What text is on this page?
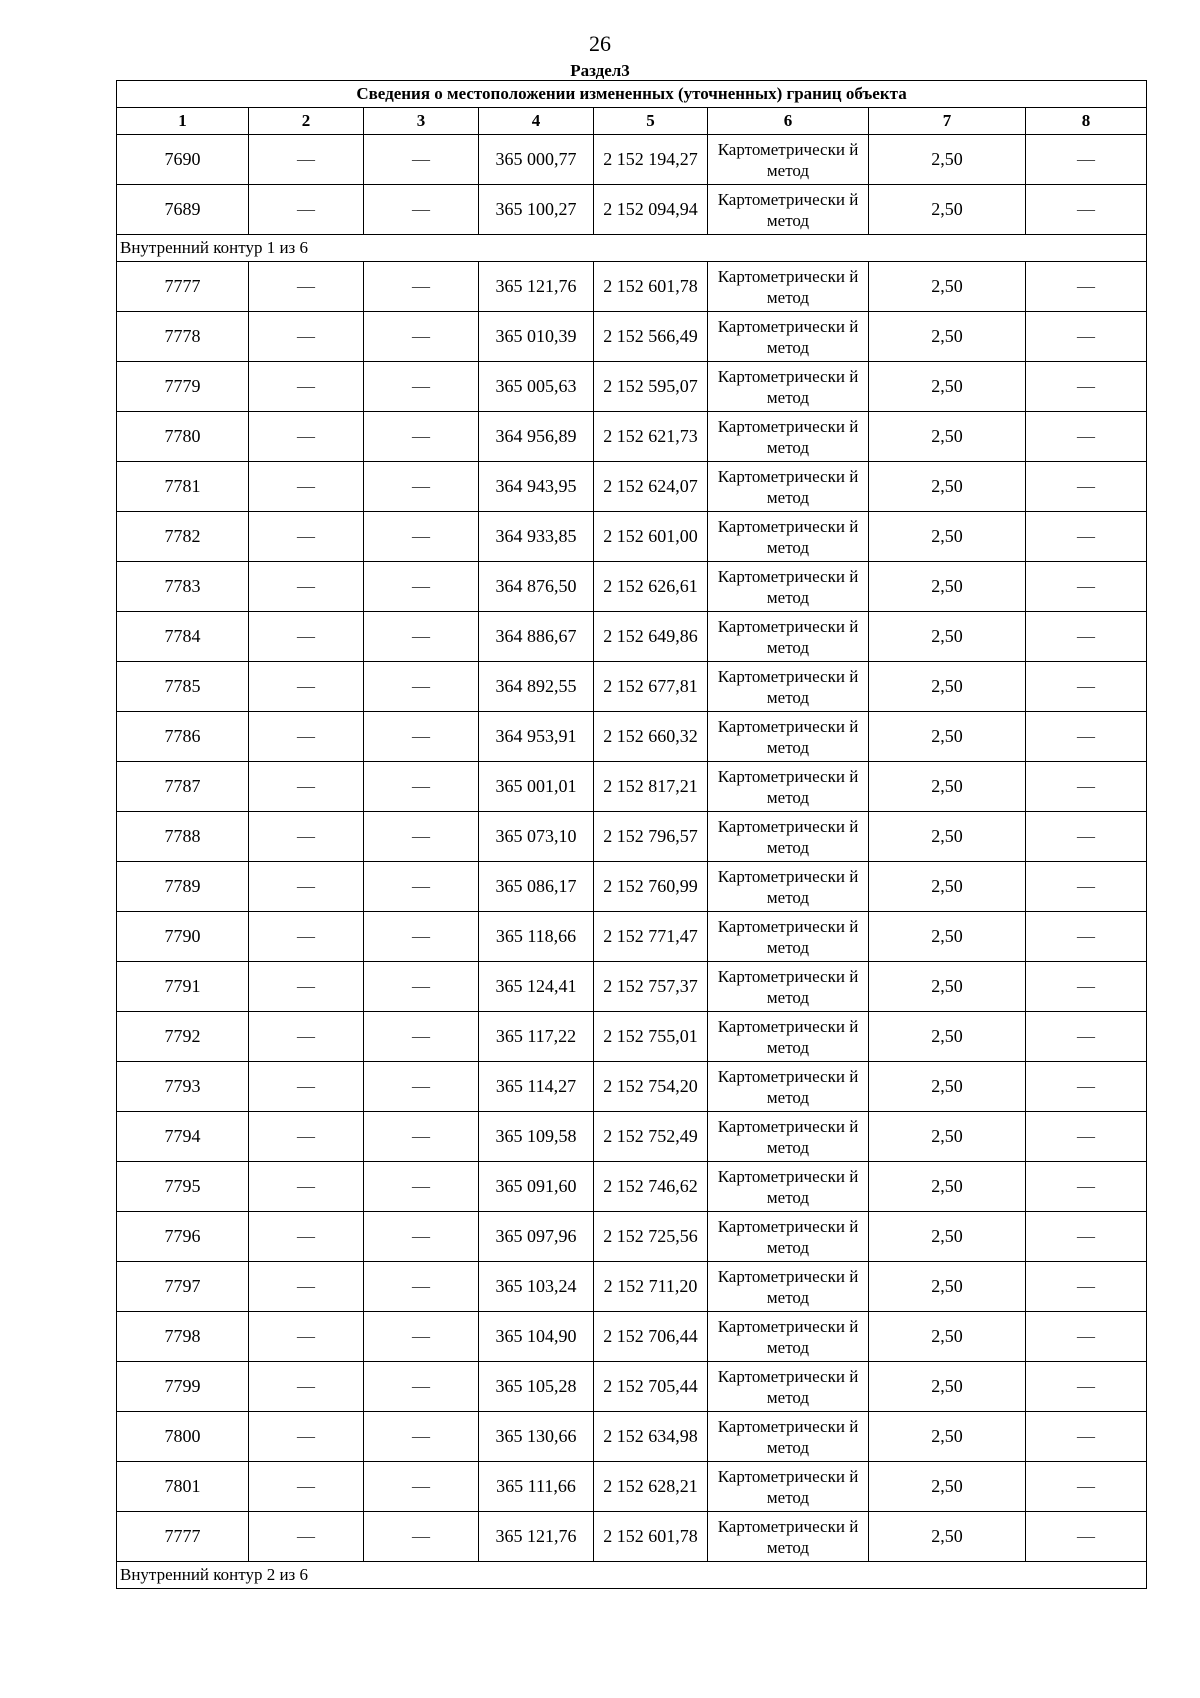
26
Раздел3
Сведения о местоположении измененных (уточненных) границ объекта							
1	2	3	4	5	6	7	8
7690	—	—	365 000,77	2 152 194,27	Картометрически й метод	2,50	—
7689	—	—	365 100,27	2 152 094,94	Картометрически й метод	2,50	—
Внутренний контур 1 из 6							
7777	—	—	365 121,76	2 152 601,78	Картометрически й метод	2,50	—
7778	—	—	365 010,39	2 152 566,49	Картометрически й метод	2,50	—
7779	—	—	365 005,63	2 152 595,07	Картометрически й метод	2,50	—
7780	—	—	364 956,89	2 152 621,73	Картометрически й метод	2,50	—
7781	—	—	364 943,95	2 152 624,07	Картометрически й метод	2,50	—
7782	—	—	364 933,85	2 152 601,00	Картометрически й метод	2,50	—
7783	—	—	364 876,50	2 152 626,61	Картометрически й метод	2,50	—
7784	—	—	364 886,67	2 152 649,86	Картометрически й метод	2,50	—
7785	—	—	364 892,55	2 152 677,81	Картометрически й метод	2,50	—
7786	—	—	364 953,91	2 152 660,32	Картометрически й метод	2,50	—
7787	—	—	365 001,01	2 152 817,21	Картометрически й метод	2,50	—
7788	—	—	365 073,10	2 152 796,57	Картометрически й метод	2,50	—
7789	—	—	365 086,17	2 152 760,99	Картометрически й метод	2,50	—
7790	—	—	365 118,66	2 152 771,47	Картометрически й метод	2,50	—
7791	—	—	365 124,41	2 152 757,37	Картометрически й метод	2,50	—
7792	—	—	365 117,22	2 152 755,01	Картометрически й метод	2,50	—
7793	—	—	365 114,27	2 152 754,20	Картометрически й метод	2,50	—
7794	—	—	365 109,58	2 152 752,49	Картометрически й метод	2,50	—
7795	—	—	365 091,60	2 152 746,62	Картометрически й метод	2,50	—
7796	—	—	365 097,96	2 152 725,56	Картометрически й метод	2,50	—
7797	—	—	365 103,24	2 152 711,20	Картометрически й метод	2,50	—
7798	—	—	365 104,90	2 152 706,44	Картометрически й метод	2,50	—
7799	—	—	365 105,28	2 152 705,44	Картометрически й метод	2,50	—
7800	—	—	365 130,66	2 152 634,98	Картометрически й метод	2,50	—
7801	—	—	365 111,66	2 152 628,21	Картометрически й метод	2,50	—
7777	—	—	365 121,76	2 152 601,78	Картометрически й метод	2,50	—
Внутренний контур 2 из 6							
